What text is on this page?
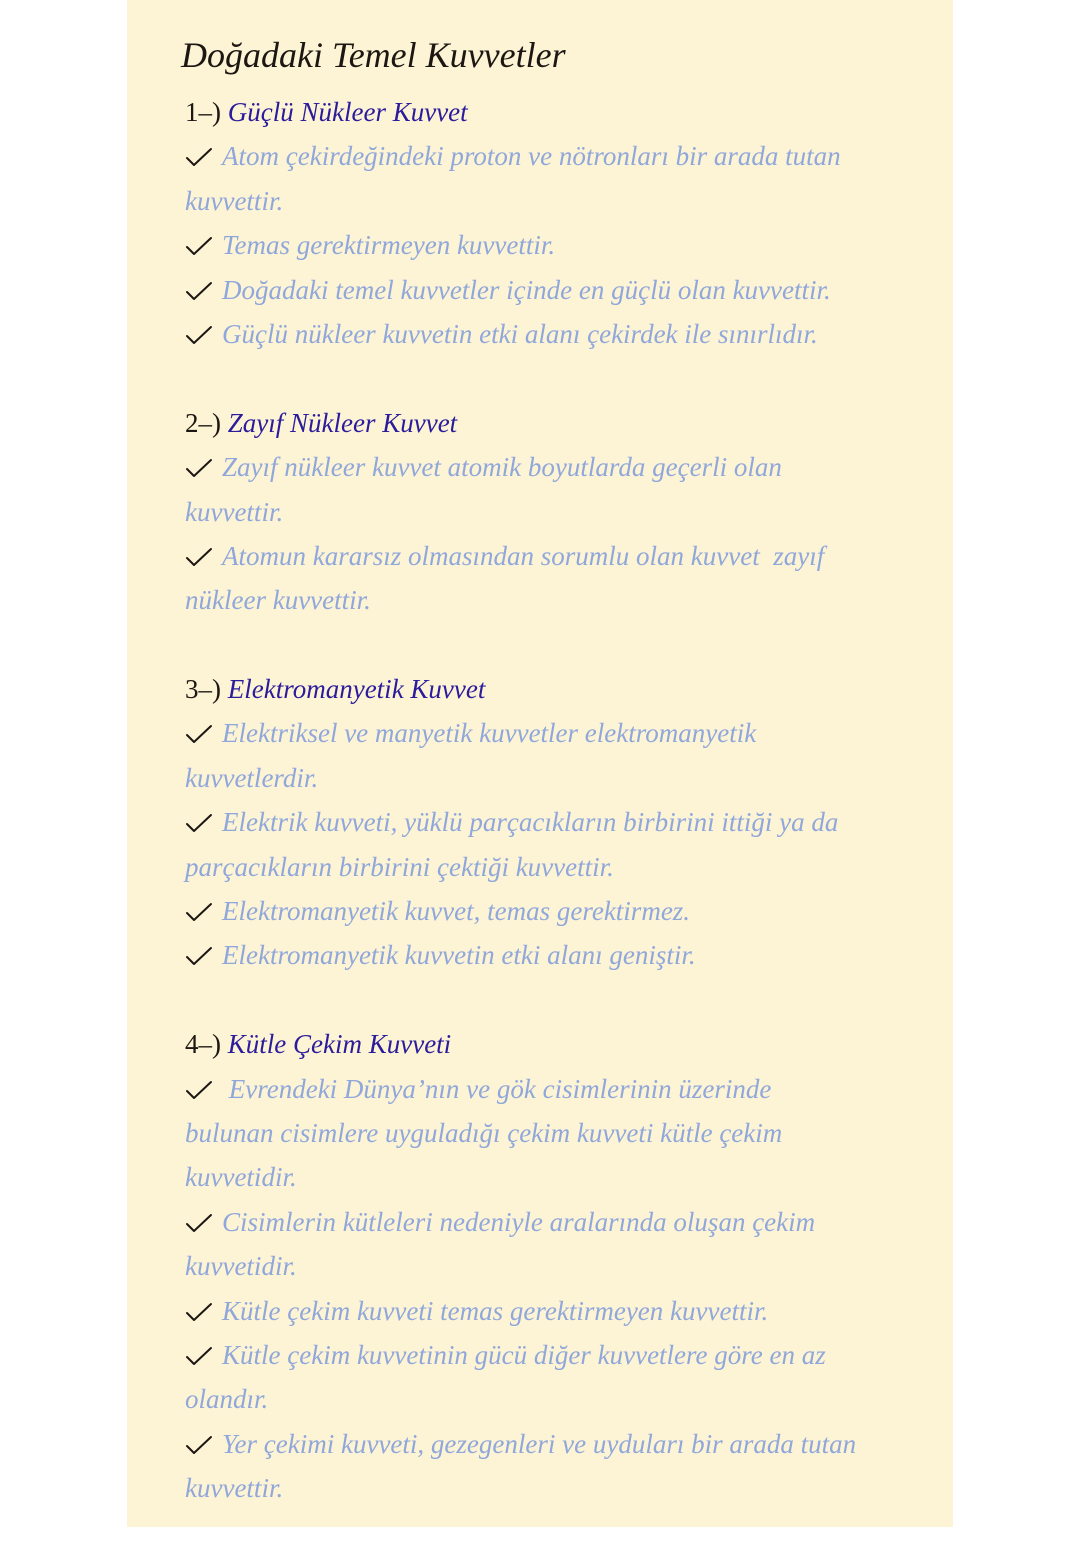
Doğadaki Temel Kuvvetler
1–) Güçlü Nükleer Kuvvet
Atom çekirdeğindeki proton ve nötronları bir arada tutan
kuvvettir.
Temas gerektirmeyen kuvvettir.
Doğadaki temel kuvvetler içinde en güçlü olan kuvvettir.
Güçlü nükleer kuvvetin etki alanı çekirdek ile sınırlıdır.
2–) Zayıf Nükleer Kuvvet
Zayıf nükleer kuvvet atomik boyutlarda geçerli olan
kuvvettir.
Atomun kararsız olmasından sorumlu olan kuvvet  zayıf
nükleer kuvvettir.
3–) Elektromanyetik Kuvvet
Elektriksel ve manyetik kuvvetler elektromanyetik
kuvvetlerdir.
Elektrik kuvveti, yüklü parçacıkların birbirini ittiği ya da
parçacıkların birbirini çektiği kuvvettir.
Elektromanyetik kuvvet, temas gerektirmez.
Elektromanyetik kuvvetin etki alanı geniştir.
4–) Kütle Çekim Kuvveti
Evrendeki Dünya’nın ve gök cisimlerinin üzerinde
bulunan cisimlere uyguladığı çekim kuvveti kütle çekim
kuvvetidir.
Cisimlerin kütleleri nedeniyle aralarında oluşan çekim
kuvvetidir.
Kütle çekim kuvveti temas gerektirmeyen kuvvettir.
Kütle çekim kuvvetinin gücü diğer kuvvetlere göre en az
olandır.
Yer çekimi kuvveti, gezegenleri ve uyduları bir arada tutan
kuvvettir.
